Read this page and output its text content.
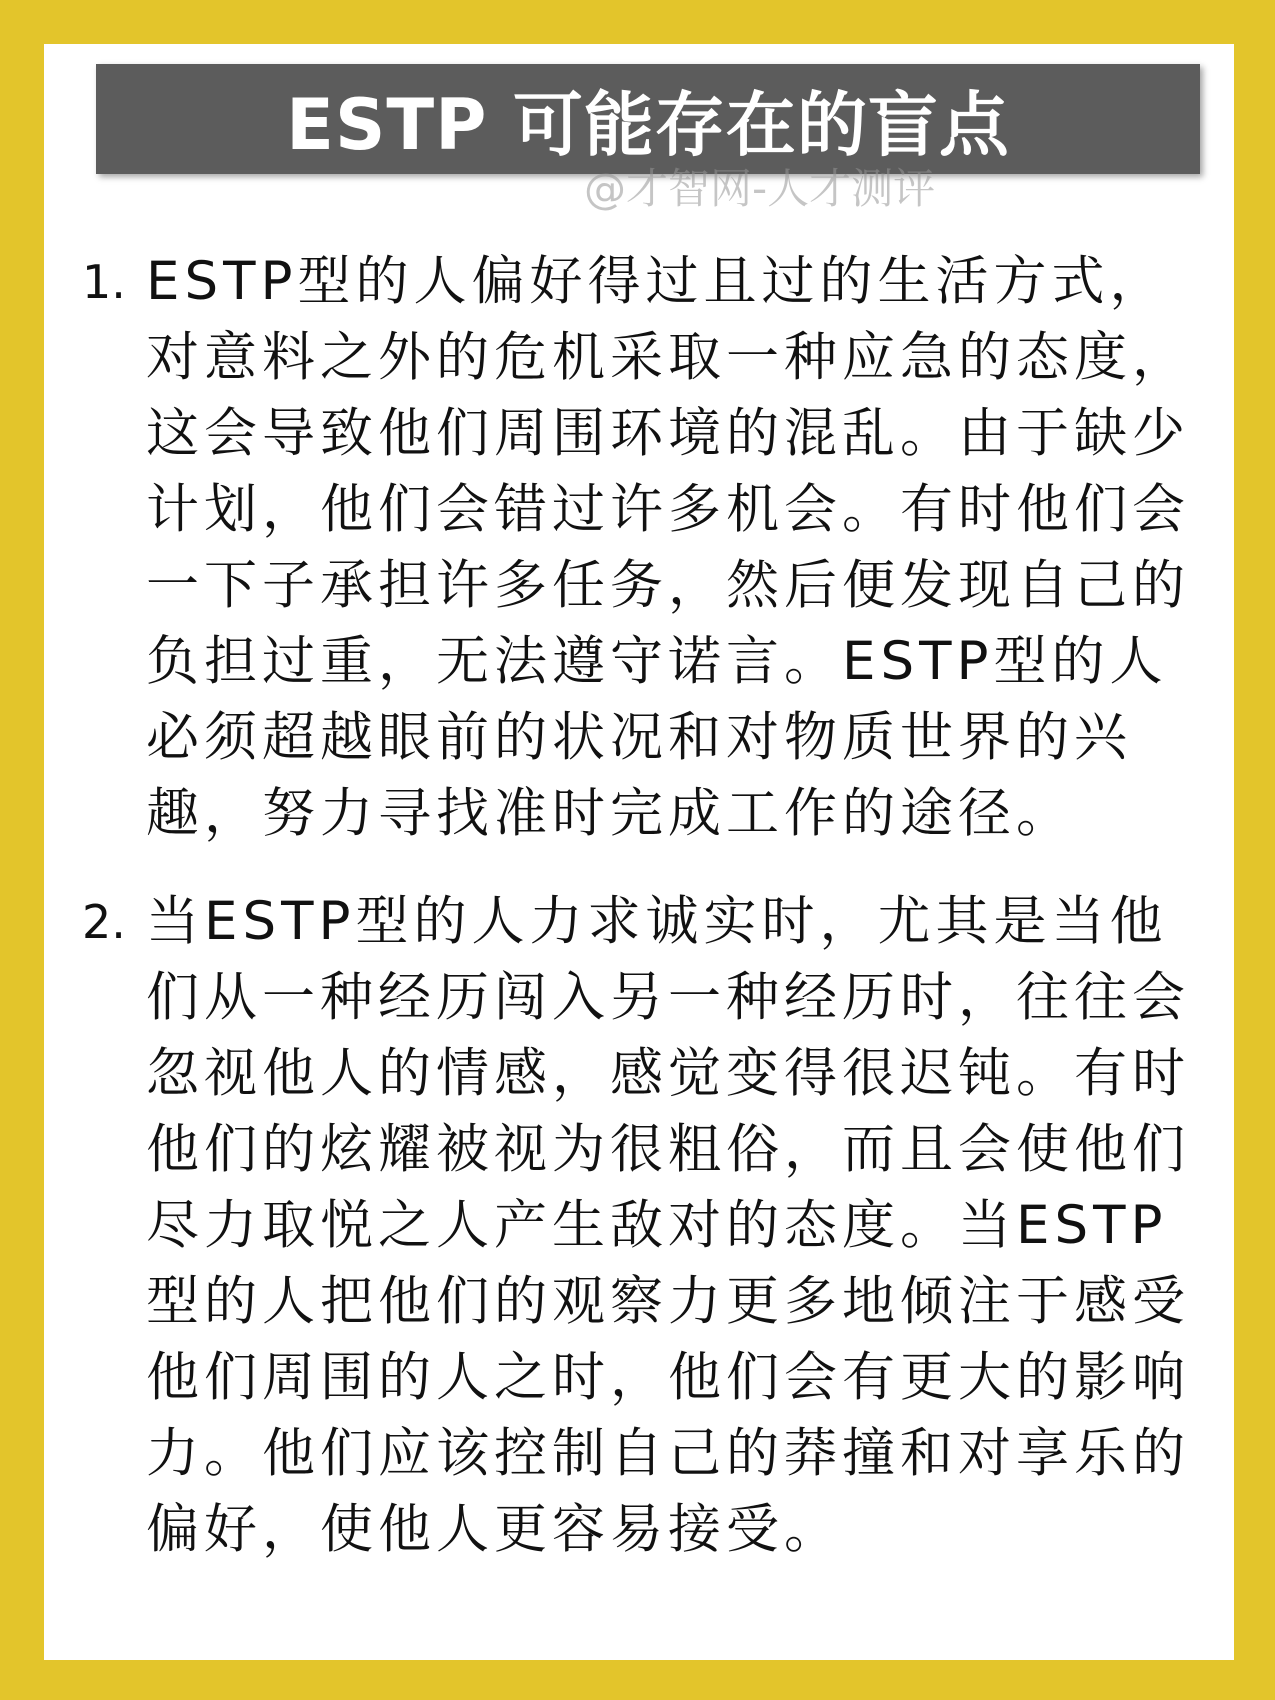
ESTP 可能存在的盲点
@才智网-人才测评
1. ESTP型的人偏好得过且过的生活方式，对意料之外的危机采取一种应急的态度，这会导致他们周围环境的混乱。由于缺少计划，他们会错过许多机会。有时他们会一下子承担许多任务，然后便发现自己的负担过重，无法遵守诺言。ESTP型的人必须超越眼前的状况和对物质世界的兴趣，努力寻找准时完成工作的途径。
2. 当ESTP型的人力求诚实时，尤其是当他们从一种经历闯入另一种经历时，往往会忽视他人的情感，感觉变得很迟钝。有时他们的炫耀被视为很粗俗，而且会使他们尽力取悦之人产生敌对的态度。当ESTP型的人把他们的观察力更多地倾注于感受他们周围的人之时，他们会有更大的影响力。他们应该控制自己的莽撞和对享乐的偏好，使他人更容易接受。
